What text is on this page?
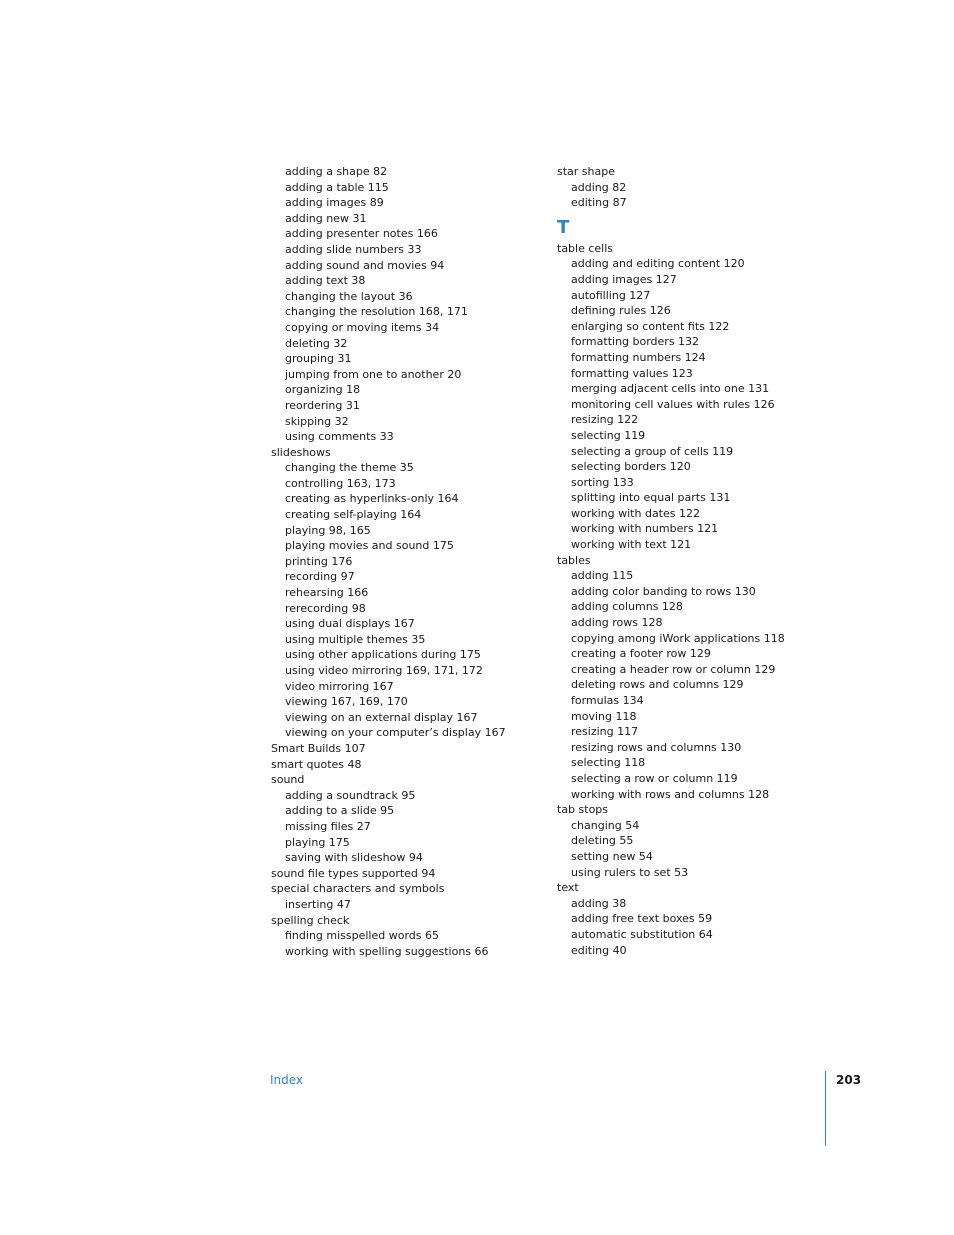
adding a shape 82
adding a table 115
adding images 89
adding new 31
adding presenter notes 166
adding slide numbers 33
adding sound and movies 94
adding text 38
changing the layout 36
changing the resolution 168, 171
copying or moving items 34
deleting 32
grouping 31
jumping from one to another 20
organizing 18
reordering 31
skipping 32
using comments 33
slideshows
changing the theme 35
controlling 163, 173
creating as hyperlinks-only 164
creating self-playing 164
playing 98, 165
playing movies and sound 175
printing 176
recording 97
rehearsing 166
rerecording 98
using dual displays 167
using multiple themes 35
using other applications during 175
using video mirroring 169, 171, 172
video mirroring 167
viewing 167, 169, 170
viewing on an external display 167
viewing on your computer’s display 167
Smart Builds 107
smart quotes 48
sound
adding a soundtrack 95
adding to a slide 95
missing files 27
playing 175
saving with slideshow 94
sound file types supported 94
special characters and symbols
inserting 47
spelling check
finding misspelled words 65
working with spelling suggestions 66
star shape
adding 82
editing 87
T
table cells
adding and editing content 120
adding images 127
autofilling 127
defining rules 126
enlarging so content fits 122
formatting borders 132
formatting numbers 124
formatting values 123
merging adjacent cells into one 131
monitoring cell values with rules 126
resizing 122
selecting 119
selecting a group of cells 119
selecting borders 120
sorting 133
splitting into equal parts 131
working with dates 122
working with numbers 121
working with text 121
tables
adding 115
adding color banding to rows 130
adding columns 128
adding rows 128
copying among iWork applications 118
creating a footer row 129
creating a header row or column 129
deleting rows and columns 129
formulas 134
moving 118
resizing 117
resizing rows and columns 130
selecting 118
selecting a row or column 119
working with rows and columns 128
tab stops
changing 54
deleting 55
setting new 54
using rulers to set 53
text
adding 38
adding free text boxes 59
automatic substitution 64
editing 40
Index	203
